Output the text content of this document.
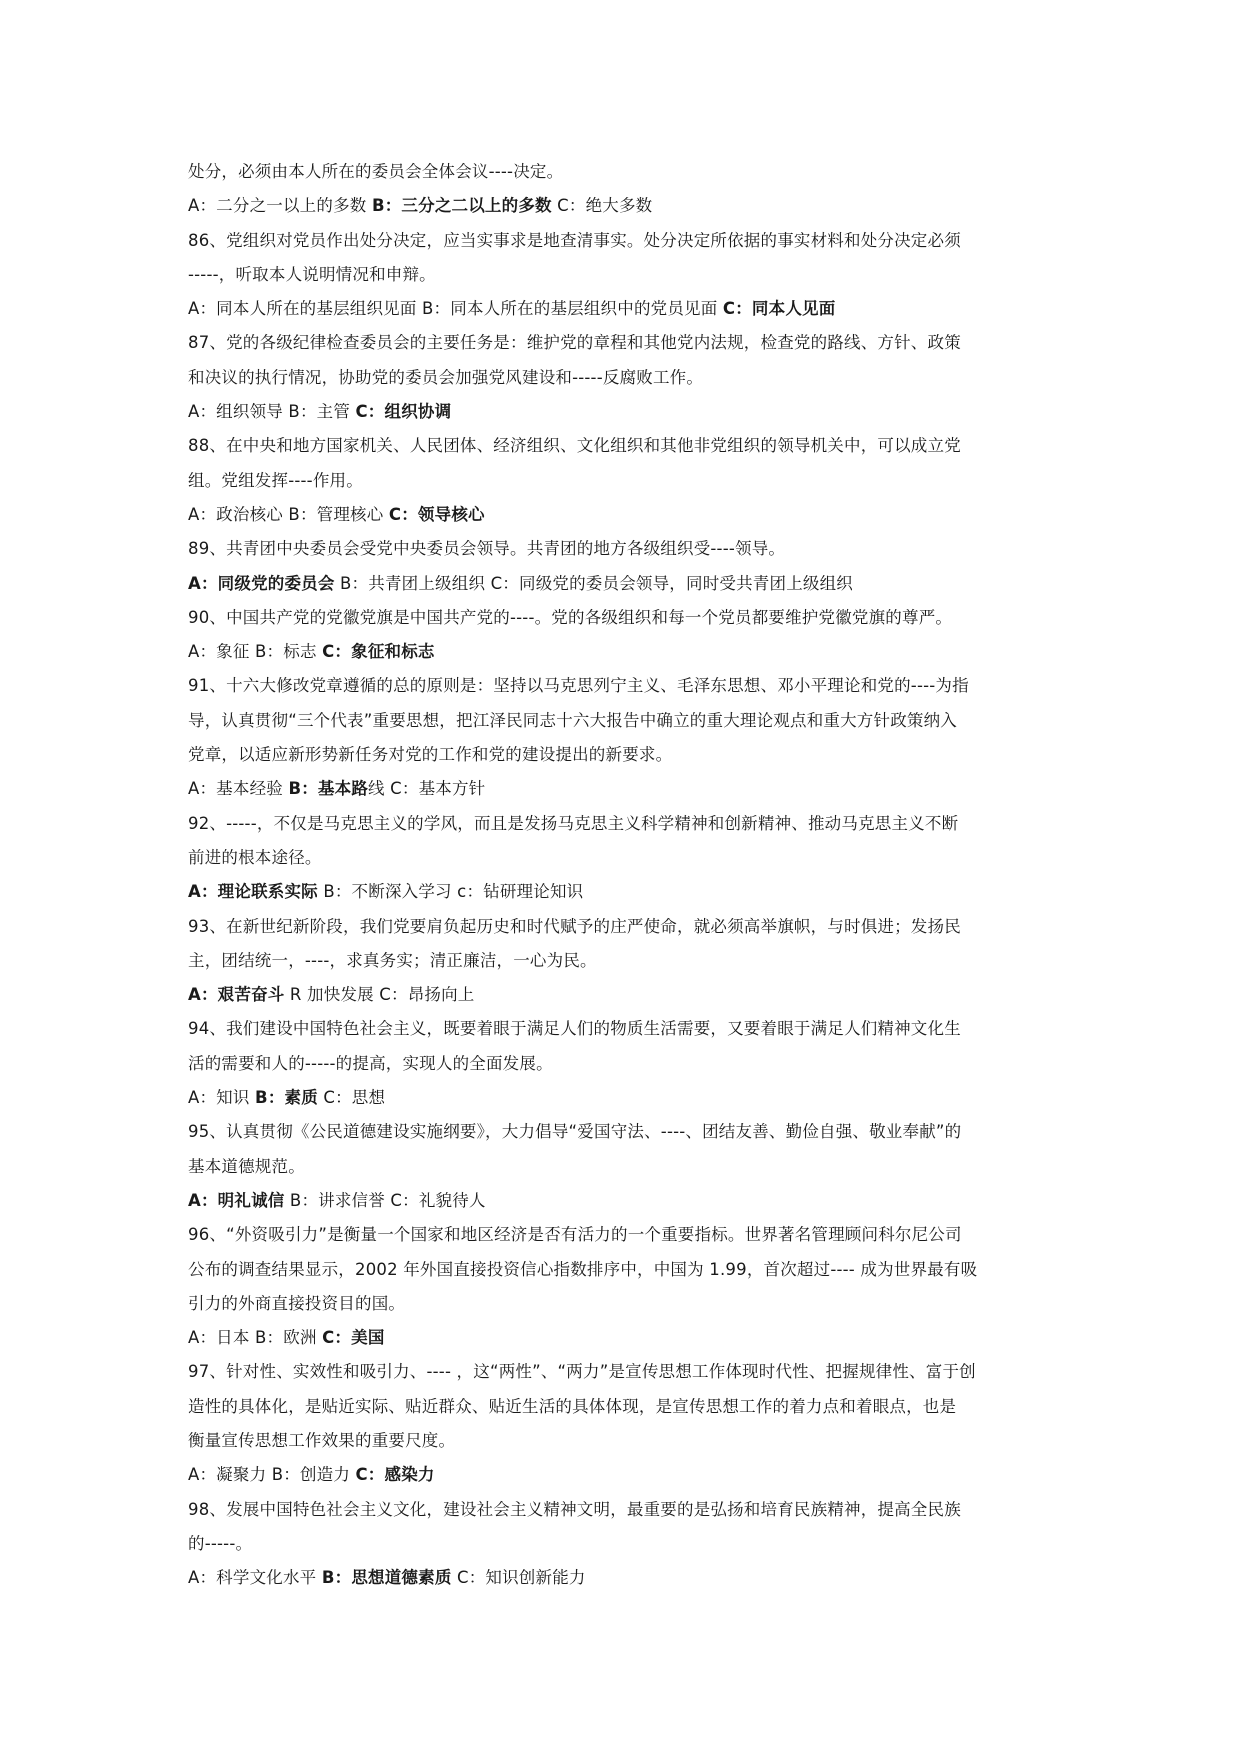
处分，必须由本人所在的委员会全体会议----决定。
A：二分之一以上的多数 B：三分之二以上的多数 C：绝大多数
86、党组织对党员作出处分决定，应当实事求是地查清事实。处分决定所依据的事实材料和处分决定必须
-----，听取本人说明情况和申辩。
A：同本人所在的基层组织见面 B：同本人所在的基层组织中的党员见面 C：同本人见面
87、党的各级纪律检查委员会的主要任务是：维护党的章程和其他党内法规，检查党的路线、方针、政策
和决议的执行情况，协助党的委员会加强党风建设和-----反腐败工作。
A：组织领导 B：主管 C：组织协调
88、在中央和地方国家机关、人民团体、经济组织、文化组织和其他非党组织的领导机关中，可以成立党
组。党组发挥----作用。
A：政治核心 B：管理核心 C：领导核心
89、共青团中央委员会受党中央委员会领导。共青团的地方各级组织受----领导。
A：同级党的委员会 B：共青团上级组织 C：同级党的委员会领导，同时受共青团上级组织
90、中国共产党的党徽党旗是中国共产党的----。党的各级组织和每一个党员都要维护党徽党旗的尊严。
A：象征 B：标志 C：象征和标志
91、十六大修改党章遵循的总的原则是：坚持以马克思列宁主义、毛泽东思想、邓小平理论和党的----为指
导，认真贯彻“三个代表”重要思想，把江泽民同志十六大报告中确立的重大理论观点和重大方针政策纳入
党章，以适应新形势新任务对党的工作和党的建设提出的新要求。
A：基本经验 B：基本路线 C：基本方针
92、-----，不仅是马克思主义的学风，而且是发扬马克思主义科学精神和创新精神、推动马克思主义不断
前进的根本途径。
A：理论联系实际 B：不断深入学习 c：钻研理论知识
93、在新世纪新阶段，我们党要肩负起历史和时代赋予的庄严使命，就必须高举旗帜，与时俱进；发扬民
主，团结统一，----，求真务实；清正廉洁，一心为民。
A：艰苦奋斗 R 加快发展 C：昂扬向上
94、我们建设中国特色社会主义，既要着眼于满足人们的物质生活需要，又要着眼于满足人们精神文化生
活的需要和人的-----的提高，实现人的全面发展。
A：知识 B：素质 C：思想
95、认真贯彻《公民道德建设实施纲要》，大力倡导“爱国守法、----、团结友善、勤俭自强、敬业奉献”的
基本道德规范。
A：明礼诚信 B：讲求信誉 C：礼貌待人
96、“外资吸引力”是衡量一个国家和地区经济是否有活力的一个重要指标。世界著名管理顾问科尔尼公司
公布的调查结果显示，2002 年外国直接投资信心指数排序中，中国为 1.99，首次超过---- 成为世界最有吸
引力的外商直接投资目的国。
A：日本 B：欧洲 C：美国
97、针对性、实效性和吸引力、---- ，这“两性”、“两力”是宣传思想工作体现时代性、把握规律性、富于创
造性的具体化，是贴近实际、贴近群众、贴近生活的具体体现，是宣传思想工作的着力点和着眼点，也是
衡量宣传思想工作效果的重要尺度。
A：凝聚力 B：创造力 C：感染力
98、发展中国特色社会主义文化，建设社会主义精神文明，最重要的是弘扬和培育民族精神，提高全民族
的-----。
A：科学文化水平 B：思想道德素质 C：知识创新能力
